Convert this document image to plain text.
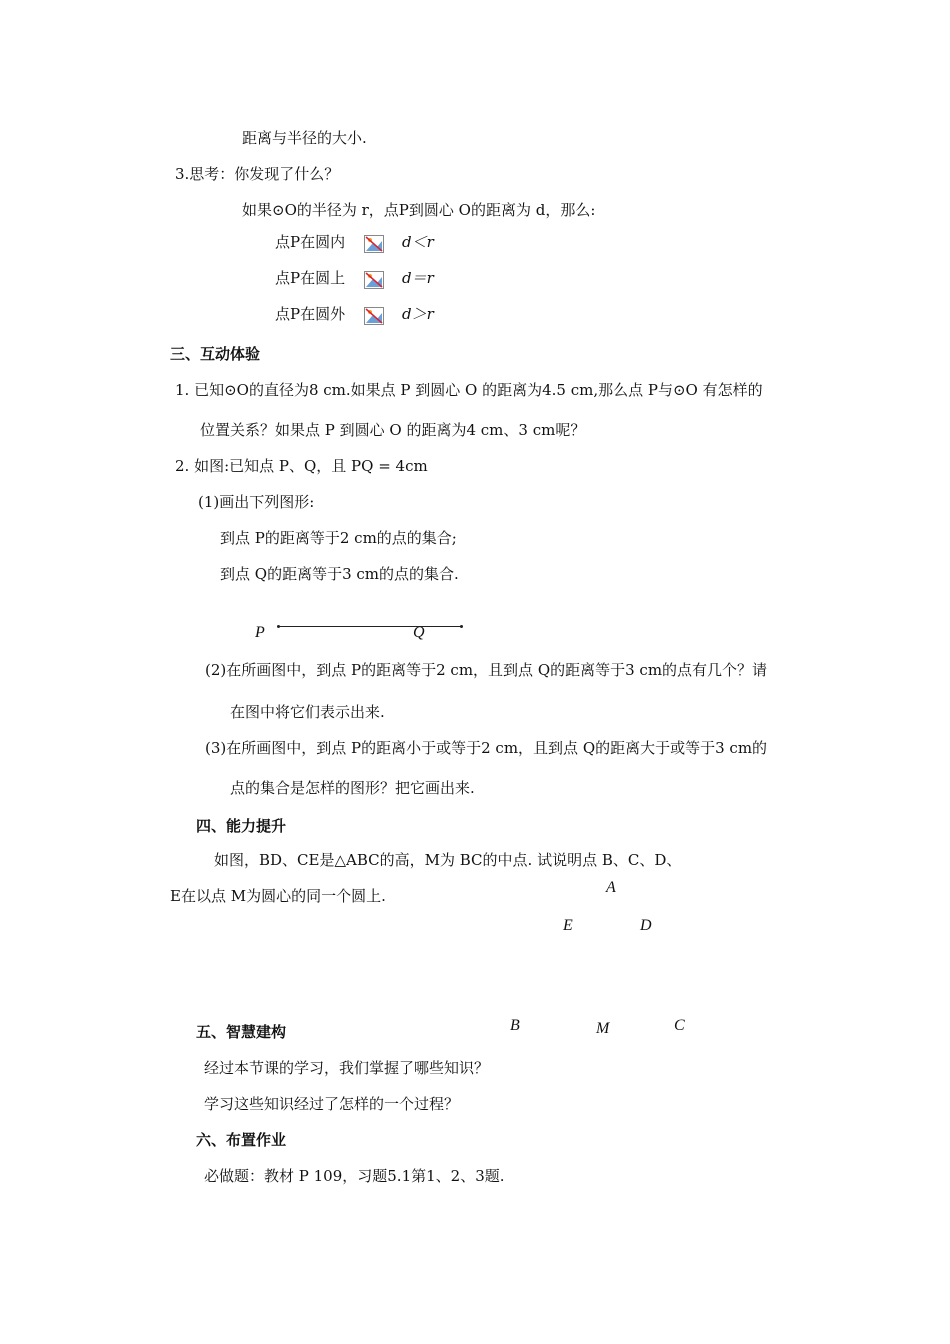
距离与半径的大小.
3.思考：你发现了什么？
如果⊙O的半径为 r，点P到圆心 O的距离为 d，那么:
点P在圆内	d＜r
点P在圆上	d＝r
点P在圆外	d＞r
三、互动体验
1. 已知⊙O的直径为8 cm.如果点 P 到圆心 O 的距离为4.5 cm,那么点 P与⊙O 有怎样的
位置关系？如果点 P 到圆心 O 的距离为4 cm、3 cm呢？
2. 如图:已知点 P、Q，且 PQ = 4cm
(1)画出下列图形:
到点 P的距离等于2 cm的点的集合;
到点 Q的距离等于3 cm的点的集合.
P	Q
(2)在所画图中，到点 P的距离等于2 cm，且到点 Q的距离等于3 cm的点有几个？请
在图中将它们表示出来.
(3)在所画图中，到点 P的距离小于或等于2 cm，且到点 Q的距离大于或等于3 cm的
点的集合是怎样的图形？把它画出来.
四、能力提升
如图，BD、CE是△ABC的高，M为 BC的中点. 试说明点 B、C、D、
E在以点 M为圆心的同一个圆上.	A
E	D
B	M	C
五、智慧建构
经过本节课的学习，我们掌握了哪些知识？
学习这些知识经过了怎样的一个过程？
六、布置作业
必做题：教材 P 109，习题5.1第1、2、3题.
